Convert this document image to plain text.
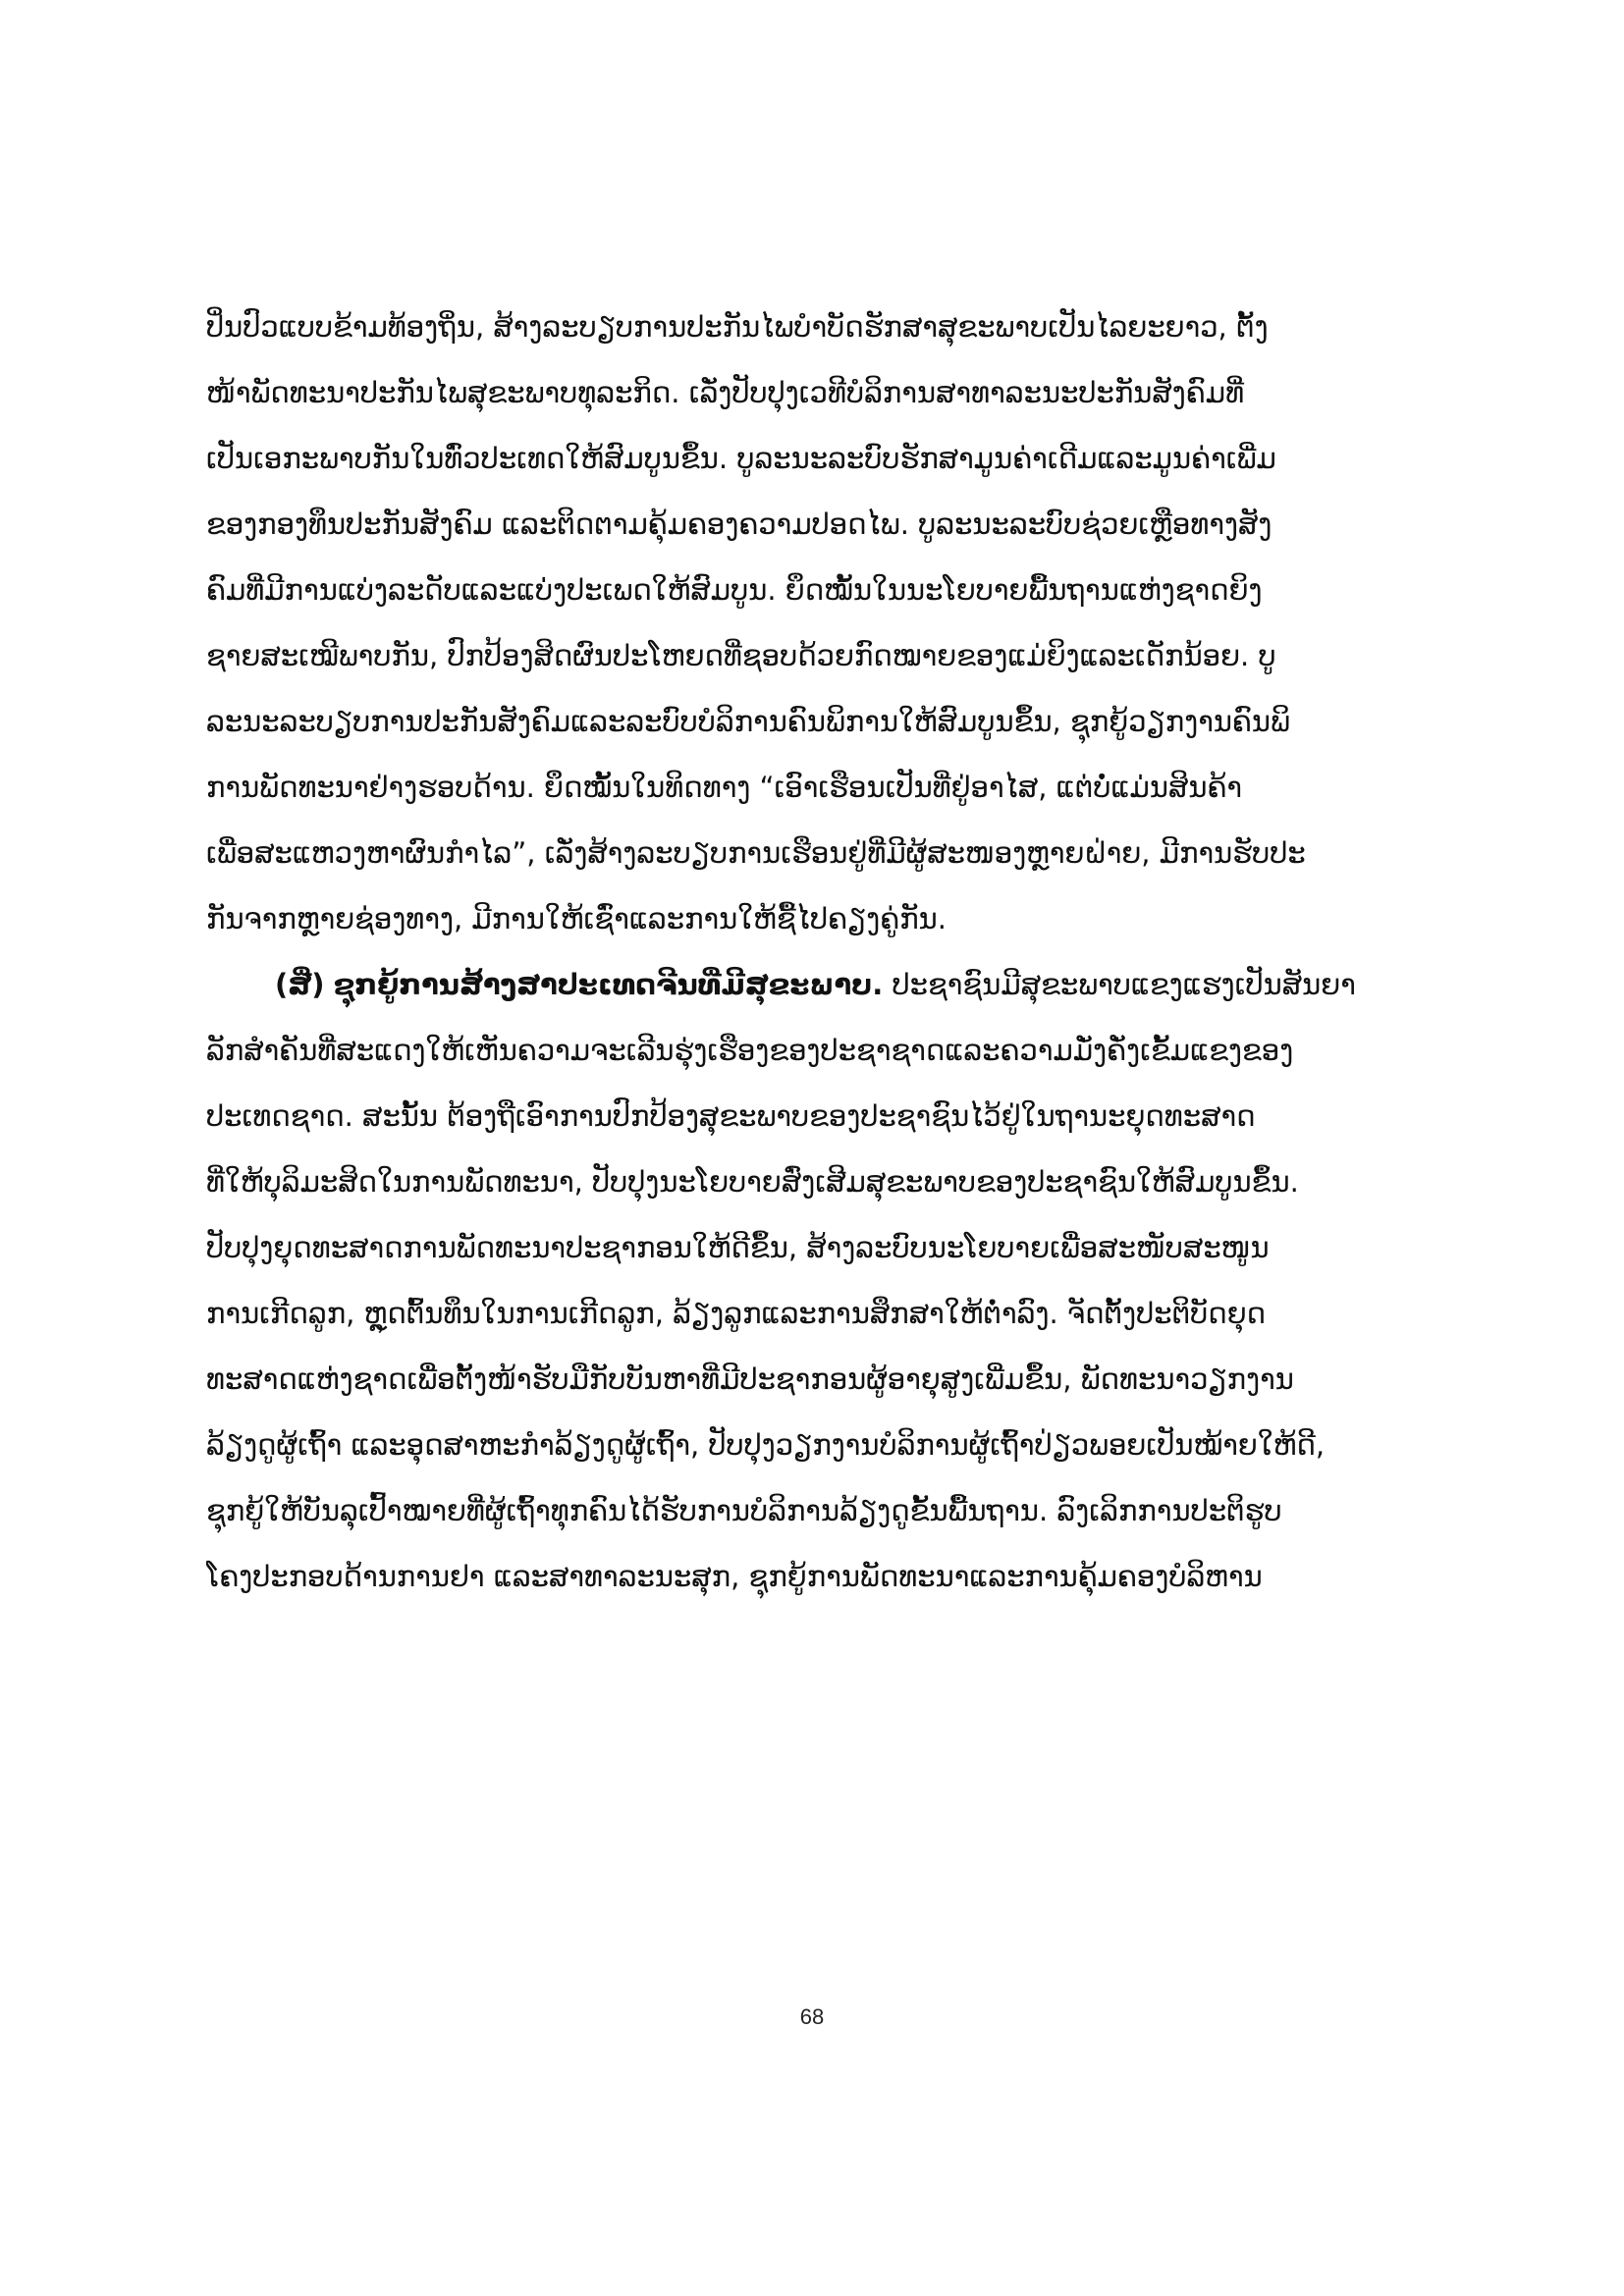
ປິ່ນປົວແບບຂ້າມທ້ອງຖິ່ນ, ສ້າງລະບຽບການປະກັນໄພບຳບັດຮັກສາສຸຂະພາບເປັນໄລຍະຍາວ, ຕັ້ງ
ໜ້າພັດທະນາປະກັນໄພສຸຂະພາບທຸລະກິດ. ເລັ່ງປັບປຸງເວທີບໍລິການສາທາລະນະປະກັນສັງຄົມທີ່
ເປັນເອກະພາບກັນໃນທົ່ວປະເທດໃຫ້ສົມບູນຂຶ້ນ. ບູລະນະລະບົບຮັກສາມູນຄ່າເດີມແລະມູນຄ່າເພີ່ມ
ຂອງກອງທຶນປະກັນສັງຄົມ ແລະຕິດຕາມຄຸ້ມຄອງຄວາມປອດໄພ. ບູລະນະລະບົບຊ່ວຍເຫຼືອທາງສັງ
ຄົມທີ່ມີການແບ່ງລະດັບແລະແບ່ງປະເພດໃຫ້ສົມບູນ. ຍຶດໝັ້ນໃນນະໂຍບາຍພື້ນຖານແຫ່ງຊາດຍິງ
ຊາຍສະເໝີພາບກັນ, ປົກປ້ອງສິດຜົນປະໂຫຍດທີ່ຊອບດ້ວຍກົດໝາຍຂອງແມ່ຍິງແລະເດັກນ້ອຍ. ບູ
ລະນະລະບຽບການປະກັນສັງຄົມແລະລະບົບບໍລິການຄົນພິການໃຫ້ສົມບູນຂຶ້ນ, ຊຸກຍູ້ວຽກງານຄົນພິ
ການພັດທະນາຢ່າງຮອບດ້ານ. ຍຶດໝັ້ນໃນທິດທາງ “ເອົາເຮືອນເປັນທີ່ຢູ່ອາໄສ, ແຕ່ບໍ່ແມ່ນສິນຄ້າ
ເພື່ອສະແຫວງຫາຜົນກຳໄລ”, ເລັ່ງສ້າງລະບຽບການເຮືອນຢູ່ທີ່ມີຜູ້ສະໜອງຫຼາຍຝ່າຍ, ມີການຮັບປະ
ກັນຈາກຫຼາຍຊ່ອງທາງ, ມີການໃຫ້ເຊົ່າແລະການໃຫ້ຊື້ໄປຄຽງຄູ່ກັນ.
(ສີ່) ຊຸກຍູ້ການສ້າງສາປະເທດຈີນທີ່ມີສຸຂະພາບ. ປະຊາຊົນມີສຸຂະພາບແຂງແຮງເປັນສັນຍາ
ລັກສຳຄັນທີ່ສະແດງໃຫ້ເຫັນຄວາມຈະເລີນຮຸ່ງເຮືອງຂອງປະຊາຊາດແລະຄວາມມັ່ງຄັ່ງເຂັ້ມແຂງຂອງ
ປະເທດຊາດ. ສະນັ້ນ ຕ້ອງຖືເອົາການປົກປ້ອງສຸຂະພາບຂອງປະຊາຊົນໄວ້ຢູ່ໃນຖານະຍຸດທະສາດ
ທີ່ໃຫ້ບຸລິມະສິດໃນການພັດທະນາ, ປັບປຸງນະໂຍບາຍສົ່ງເສີມສຸຂະພາບຂອງປະຊາຊົນໃຫ້ສົມບູນຂຶ້ນ.
ປັບປຸງຍຸດທະສາດການພັດທະນາປະຊາກອນໃຫ້ດີຂຶ້ນ, ສ້າງລະບົບນະໂຍບາຍເພື່ອສະໜັບສະໜູນ
ການເກີດລູກ, ຫຼຸດຕົ້ນທຶນໃນການເກີດລູກ, ລ້ຽງລູກແລະການສຶກສາໃຫ້ຕ່ຳລົງ. ຈັດຕັ້ງປະຕິບັດຍຸດ
ທະສາດແຫ່ງຊາດເພື່ອຕັ້ງໜ້າຮັບມືກັບບັນຫາທີ່ມີປະຊາກອນຜູ້ອາຍຸສູງເພີ່ມຂຶ້ນ, ພັດທະນາວຽກງານ
ລ້ຽງດູຜູ້ເຖົ້າ ແລະອຸດສາຫະກຳລ້ຽງດູຜູ້ເຖົ້າ, ປັບປຸງວຽກງານບໍລິການຜູ້ເຖົ້າປ່ຽວພອຍເປັນໝ້າຍໃຫ້ດີ,
ຊຸກຍູ້ໃຫ້ບັນລຸເປົ້າໝາຍທີ່ຜູ້ເຖົ້າທຸກຄົນໄດ້ຮັບການບໍລິການລ້ຽງດູຂັ້ນພື້ນຖານ. ລົງເລິກການປະຕິຮູບ
ໂຄງປະກອບດ້ານການຢາ ແລະສາທາລະນະສຸກ, ຊຸກຍູ້ການພັດທະນາແລະການຄຸ້ມຄອງບໍລິຫານ
68
